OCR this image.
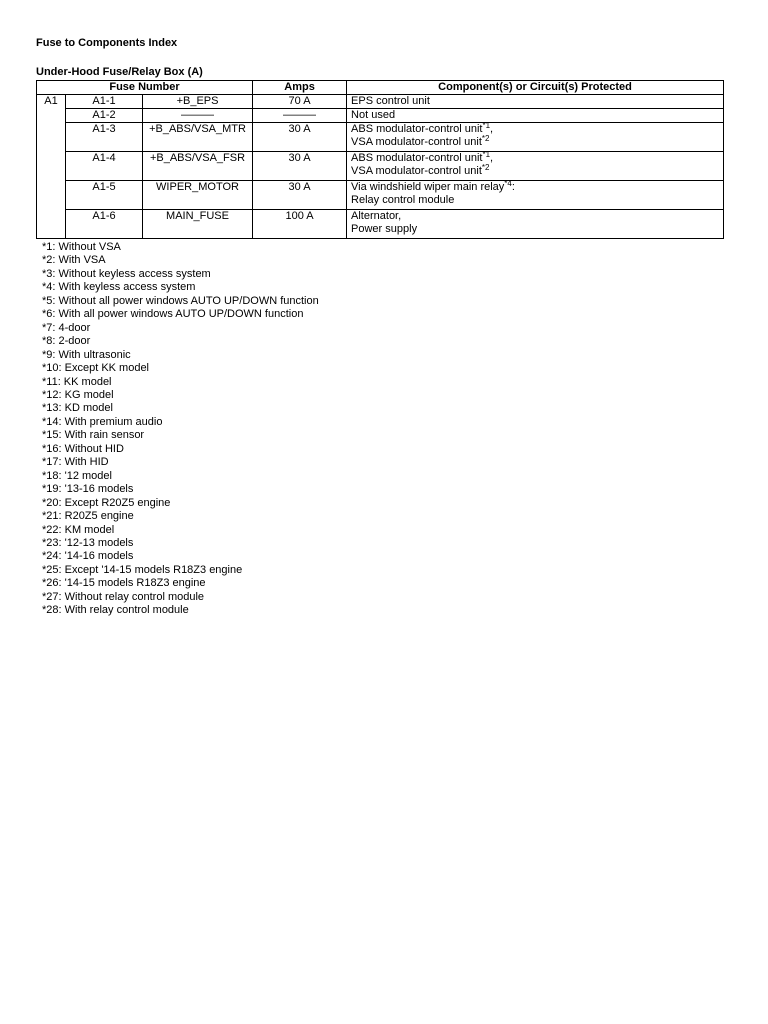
Fuse to Components Index

Under-Hood Fuse/Relay Box (A)

Fuse Number			Amps	Component(s) or Circuit(s) Protected
A1	A1-1	+B_EPS	70 A	EPS control unit

	A1-2	———	———	Not used

	A1-3	+B_ABS/VSA_MTR	30 A	ABS modulator-control unit$^{*1}$,
VSA modulator-control unit$^{*2}$

	A1-4	+B_ABS/VSA_FSR	30 A	ABS modulator-control unit$^{*1}$,
VSA modulator-control unit$^{*2}$

	A1-5	WIPER_MOTOR	30 A	Via windshield wiper main relay$^{*4}$:
Relay control module

	A1-6	MAIN_FUSE	100 A	Alternator,
Power supply
*1: Without VSA
*2: With VSA
*3: Without keyless access system
*4: With keyless access system
*5: Without all power windows AUTO UP/DOWN function
*6: With all power windows AUTO UP/DOWN function
*7: 4-door
*8: 2-door
*9: With ultrasonic
*10: Except KK model
*11: KK model
*12: KG model
*13: KD model
*14: With premium audio
*15: With rain sensor
*16: Without HID
*17: With HID
*18: '12 model
*19: '13-16 models
*20: Except R20Z5 engine
*21: R20Z5 engine
*22: KM model
*23: '12-13 models
*24: '14-16 models
*25: Except '14-15 models R18Z3 engine
*26: '14-15 models R18Z3 engine
*27: Without relay control module
*28: With relay control module
